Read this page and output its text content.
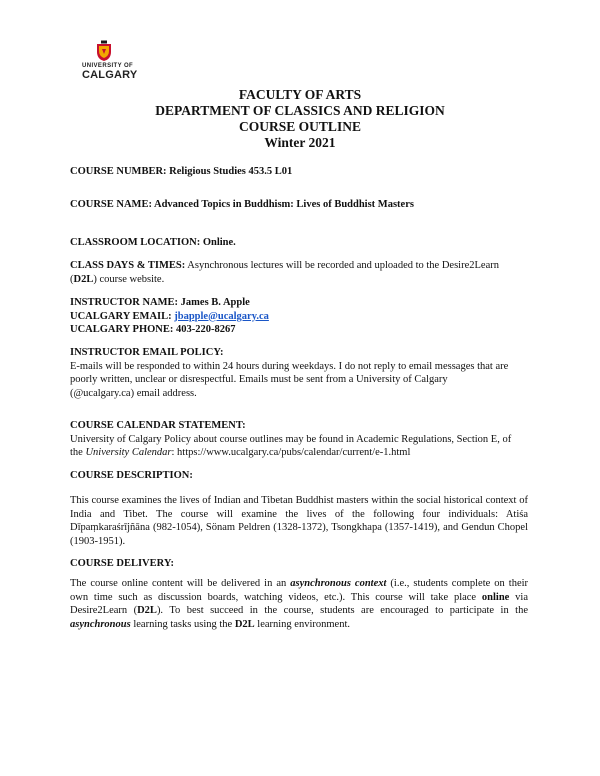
UNIVERSITY OF
CALGARY
FACULTY OF ARTS
DEPARTMENT OF CLASSICS AND RELIGION
COURSE OUTLINE
Winter 2021
COURSE NUMBER: Religious Studies 453.5 L01
COURSE NAME: Advanced Topics in Buddhism: Lives of Buddhist Masters
CLASSROOM LOCATION: Online.
CLASS DAYS & TIMES: Asynchronous lectures will be recorded and uploaded to the Desire2Learn
(D2L) course website.
INSTRUCTOR NAME: James B. Apple
UCALGARY EMAIL: jbapple@ucalgary.ca
UCALGARY PHONE: 403-220-8267
INSTRUCTOR EMAIL POLICY:
E-mails will be responded to within 24 hours during weekdays. I do not reply to email messages that are
poorly written, unclear or disrespectful. Emails must be sent from a University of Calgary
(@ucalgary.ca) email address.
COURSE CALENDAR STATEMENT:
University of Calgary Policy about course outlines may be found in Academic Regulations, Section E, of
the University Calendar: https://www.ucalgary.ca/pubs/calendar/current/e-1.html
COURSE DESCRIPTION:
This course examines the lives of Indian and Tibetan Buddhist masters within the social historical context of India and Tibet. The course will examine the lives of the following four individuals: Atiśa Dīpaṃkaraśrījñāna (982-1054), Sönam Peldren (1328-1372), Tsongkhapa (1357-1419), and Gendun Chopel (1903-1951).
COURSE DELIVERY:
The course online content will be delivered in an asynchronous context (i.e., students complete on their own time such as discussion boards, watching videos, etc.). This course will take place online via Desire2Learn (D2L). To best succeed in the course, students are encouraged to participate in the asynchronous learning tasks using the D2L learning environment.
